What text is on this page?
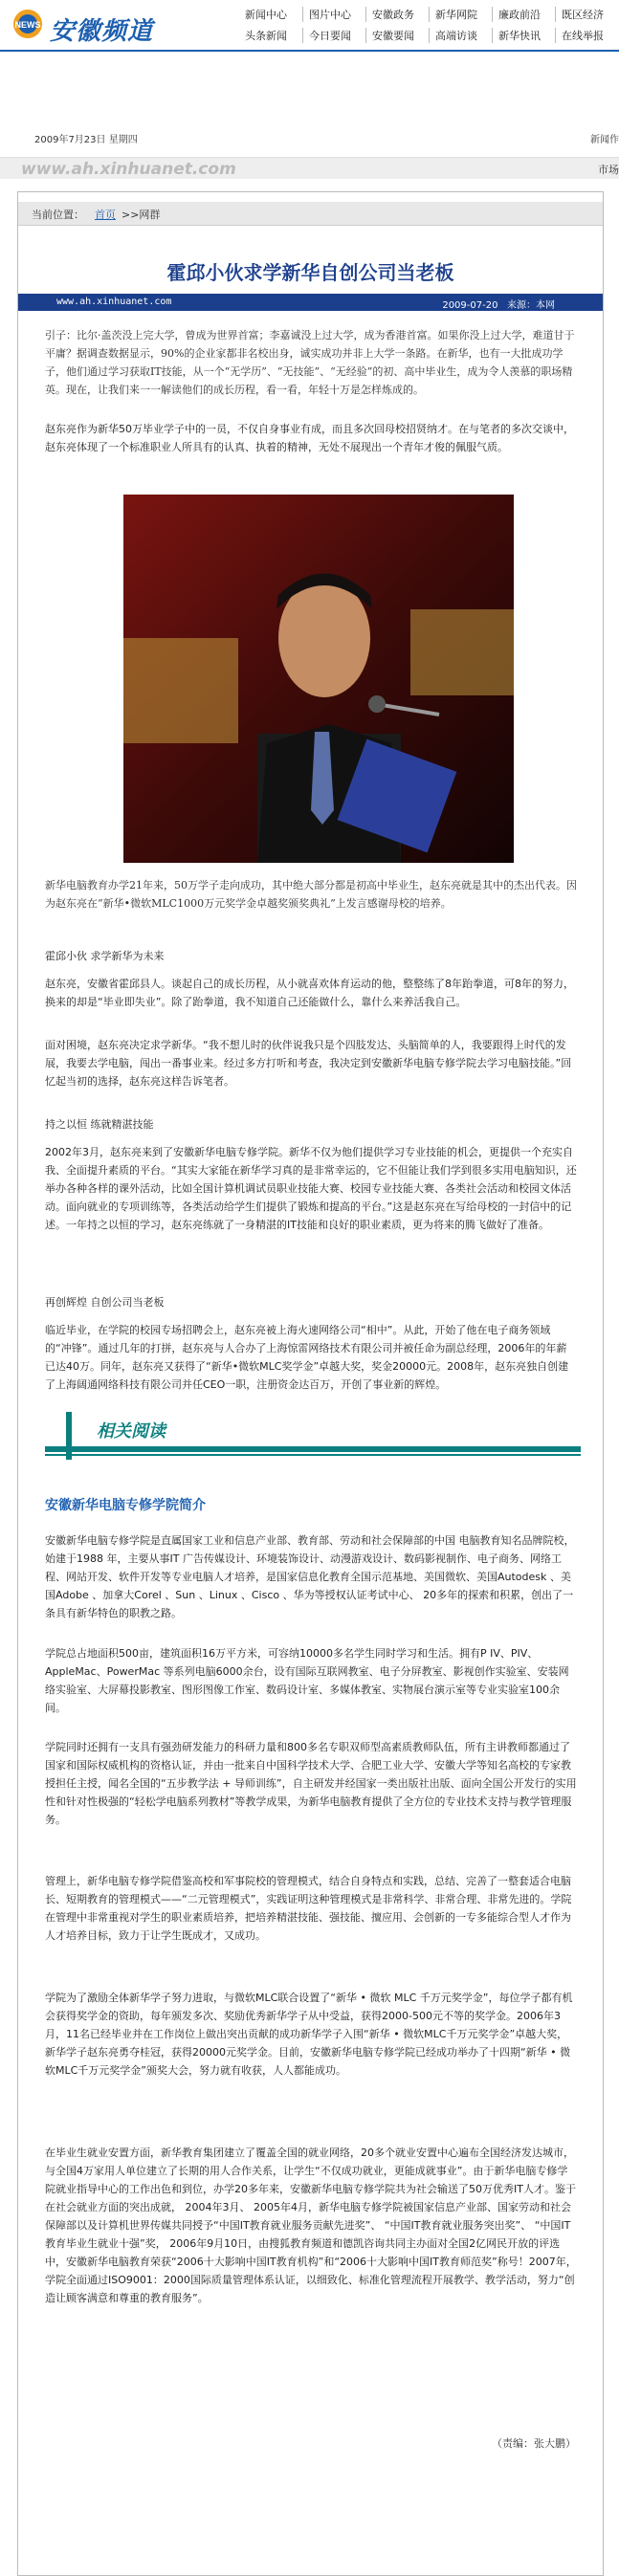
NEWS 安徽频道
新闻中心	图片中心	安徽政务	新华网院	廉政前沿	既区经济
头条新闻	今日要闻	安徽要闻	高端访谈	新华快讯	在线举报
2009年7月23日 星期四	新闻作
www.ah.xinhuanet.com	市场
当前位置： 首页 >>网群
霍邱小伙求学新华自创公司当老板
www.ah.xinhuanet.com	2009-07-20 来源：本网
引子：比尔·盖茨没上完大学，曾成为世界首富；李嘉诚没上过大学，成为香港首富。如果你没上过大学，难道甘于平庸？据调查数据显示，90%的企业家都非名校出身，诚实成功并非上大学一条路。在新华，也有一大批成功学子，他们通过学习获取IT技能，从一个“无学历”、“无技能”、“无经验”的初、高中毕业生，成为令人羡慕的职场精英。现在，让我们来一一解读他们的成长历程，看一看，年轻十万是怎样炼成的。
赵东亮作为新华50万毕业学子中的一员，不仅自身事业有成，而且多次回母校招贤纳才。在与笔者的多次交谈中，赵东亮体现了一个标准职业人所具有的认真、执着的精神，无处不展现出一个青年才俊的佩服气质。
新华电脑教育办学21年来，50万学子走向成功，其中绝大部分都是初高中毕业生，赵东亮就是其中的杰出代表。因为赵东亮在“新华•微软MLC1000万元奖学金卓越奖颁奖典礼”上发言感谢母校的培养。
霍邱小伙 求学新华为未来
赵东亮，安徽省霍邱县人。谈起自己的成长历程，从小就喜欢体育运动的他，整整练了8年跆拳道，可8年的努力，换来的却是“毕业即失业”。除了跆拳道，我不知道自己还能做什么，靠什么来养活我自己。
面对困境，赵东亮决定求学新华。“我不想儿时的伙伴说我只是个四肢发达、头脑简单的人，我要跟得上时代的发展，我要去学电脑，闯出一番事业来。经过多方打听和考查，我决定到安徽新华电脑专修学院去学习电脑技能。”回忆起当初的选择，赵东亮这样告诉笔者。
持之以恒 练就精湛技能
2002年3月，赵东亮来到了安徽新华电脑专修学院。新华不仅为他们提供学习专业技能的机会，更提供一个充实自我、全面提升素质的平台。“其实大家能在新华学习真的是非常幸运的，它不但能让我们学到很多实用电脑知识，还举办各种各样的课外活动，比如全国计算机调试员职业技能大赛、校园专业技能大赛、各类社会活动和校园文体活动。面向就业的专项训练等，各类活动给学生们提供了锻炼和提高的平台。”这是赵东亮在写给母校的一封信中的记述。一年持之以恒的学习，赵东亮练就了一身精湛的IT技能和良好的职业素质，更为将来的腾飞做好了准备。
再创辉煌 自创公司当老板
临近毕业，在学院的校园专场招聘会上，赵东亮被上海火速网络公司“相中”。从此，开始了他在电子商务领域的“冲锋”。通过几年的打拼，赵东亮与人合办了上海惊雷网络技术有限公司并被任命为副总经理，2006年的年薪已达40万。同年，赵东亮又获得了“新华•微软MLC奖学金”卓越大奖，奖金20000元。2008年，赵东亮独自创建了上海阔通网络科技有限公司并任CEO一职，注册资金达百万，开创了事业新的辉煌。
相关阅读
安徽新华电脑专修学院简介
安徽新华电脑专修学院是直属国家工业和信息产业部、教育部、劳动和社会保障部的中国 电脑教育知名品牌院校，始建于1988 年，主要从事IT 广告传媒设计、环境装饰设计、动漫游戏设计、数码影视制作、电子商务、网络工程、网站开发、软件开发等专业电脑人才培养，是国家信息化教育全国示范基地、美国微软、美国Autodesk 、美国Adobe 、加拿大Corel 、Sun 、Linux 、Cisco 、华为等授权认证考试中心、 20多年的探索和积累，创出了一条具有新华特色的职教之路。
学院总占地面积500亩，建筑面积16万平方米，可容纳10000多名学生同时学习和生活。拥有P IV、PIV、AppleMac、PowerMac 等系列电脑6000余台，设有国际互联网教室、电子分屏教室、影视创作实验室、安装网络实验室、大屏幕投影教室、图形图像工作室、数码设计室、多媒体教室、实物展台演示室等专业实验室100余间。
学院同时还拥有一支具有强劲研发能力的科研力量和800多名专职双师型高素质教师队伍，所有主讲教师都通过了国家和国际权威机构的资格认证，并由一批来自中国科学技术大学、合肥工业大学、安徽大学等知名高校的专家教授担任主授，闻名全国的“五步教学法 + 导师训练”，自主研发并经国家一类出版社出版、面向全国公开发行的实用性和针对性极强的“轻松学电脑系列教材”等教学成果，为新华电脑教育提供了全方位的专业技术支持与教学管理服务。
管理上，新华电脑专修学院借鉴高校和军事院校的管理模式，结合自身特点和实践，总结、完善了一整套适合电脑长、短期教育的管理模式——“二元管理模式”，实践证明这种管理模式是非常科学、非常合理、非常先进的。学院在管理中非常重视对学生的职业素质培养，把培养精湛技能、强技能、擅应用、会创新的一专多能综合型人才作为人才培养目标，致力于让学生既成才，又成功。
学院为了激励全体新华学子努力进取，与微软MLC联合设置了“新华 • 微软 MLC 千万元奖学金”，每位学子都有机会获得奖学金的资助，每年颁发多次、奖励优秀新华学子从中受益，获得2000-500元不等的奖学金。2006年3月，11名已经毕业并在工作岗位上做出突出贡献的成功新华学子入围“新华 • 微软MLC千万元奖学金”卓越大奖，新华学子赵东亮勇夺桂冠，获得20000元奖学金。目前，安徽新华电脑专修学院已经成功举办了十四期“新华 • 微软MLC千万元奖学金”颁奖大会，努力就有收获，人人都能成功。
在毕业生就业安置方面，新华教育集团建立了覆盖全国的就业网络，20多个就业安置中心遍布全国经济发达城市，与全国4万家用人单位建立了长期的用人合作关系，让学生“不仅成功就业，更能成就事业”。由于新华电脑专修学院就业指导中心的工作出色和到位，办学20多年来，安徽新华电脑专修学院共为社会输送了50万优秀IT人才。鉴于在社会就业方面的突出成就， 2004年3月、 2005年4月，新华电脑专修学院被国家信息产业部、国家劳动和社会保障部以及计算机世界传媒共同授予“中国IT教育就业服务贡献先进奖”、 “中国IT教育就业服务突出奖”、 “中国IT教育毕业生就业十强”奖， 2006年9月10日，由搜狐教育频道和德凯咨询共同主办面对全国2亿网民开放的评选中，安徽新华电脑教育荣获“2006十大影响中国IT教育机构”和“2006十大影响中国IT教育师范奖”称号！2007年，学院全面通过ISO9001：2000国际质量管理体系认证，以细致化、标准化管理流程开展教学、教学活动，努力“创造让顾客满意和尊重的教育服务”。
（责编：张大鹏）
